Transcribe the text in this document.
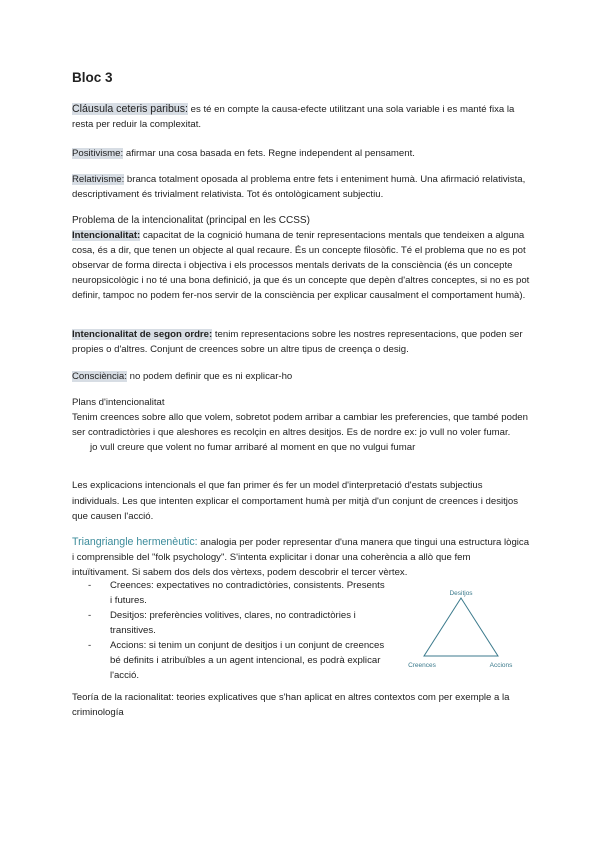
Bloc 3
Cláusula ceteris paribus: es té en compte la causa-efecte utilitzant una sola variable i es manté fixa la resta per reduir la complexitat.
Positivisme: afirmar una cosa basada en fets. Regne independent al pensament.
Relativisme: branca totalment oposada al problema entre fets i enteniment humà. Una afirmació relativista, descriptivament és trivialment relativista. Tot és ontològicament subjectiu.
Problema de la intencionalitat (principal en les CCSS)
Intencionalitat: capacitat de la cognició humana de tenir representacions mentals que tendeixen a alguna cosa, és a dir, que tenen un objecte al qual recaure. És un concepte filosòfic. Té el problema que no es pot observar de forma directa i objectiva i els processos mentals derivats de la consciència (és un concepte neuropsicològic i no té una bona definició, ja que és un concepte que depèn d'altres conceptes, si no es pot definir, tampoc no podem fer-nos servir de la consciència per explicar causalment el comportament humà).
Intencionalitat de segon ordre: tenim representacions sobre les nostres representacions, que poden ser propies o d'altres. Conjunt de creences sobre un altre tipus de creença o desig.
Consciència: no podem definir que es ni explicar-ho
Plans d'intencionalitat
Tenim creences sobre allo que volem, sobretot podem arribar a cambiar les preferencies, que també poden ser contradictòries i que aleshores es recolçin en altres desitjos. Es de nordre ex: jo vull no voler fumar.
jo vull creure que volent no fumar arribaré al moment en que no vulgui fumar
Les explicacions intencionals el que fan primer és fer un model d'interpretació d'estats subjectius individuals. Les que intenten explicar el comportament humà per mitjà d'un conjunt de creences i desitjos que causen l'acció.
Triangriangle hermenèutic: analogia per poder representar d'una manera que tingui una estructura lògica i comprensible del "folk psychology". S'intenta explicitar i donar una coherència a allò que fem intuïtivament. Si sabem dos dels dos vèrtexs, podem descobrir el tercer vèrtex.
- Creences: expectatives no contradictòries, consistents. Presents i futures.
- Desitjos: preferències volitives, clares, no contradictòries i transitives.
- Accions: si tenim un conjunt de desitjos i un conjunt de creences bé definits i atribuïbles a un agent intencional, es podrà explicar l'acció.
Desitjos
Creences	Accions
Teoría de la racionalitat: teories explicatives que s'han aplicat en altres contextos com per exemple a la criminología
